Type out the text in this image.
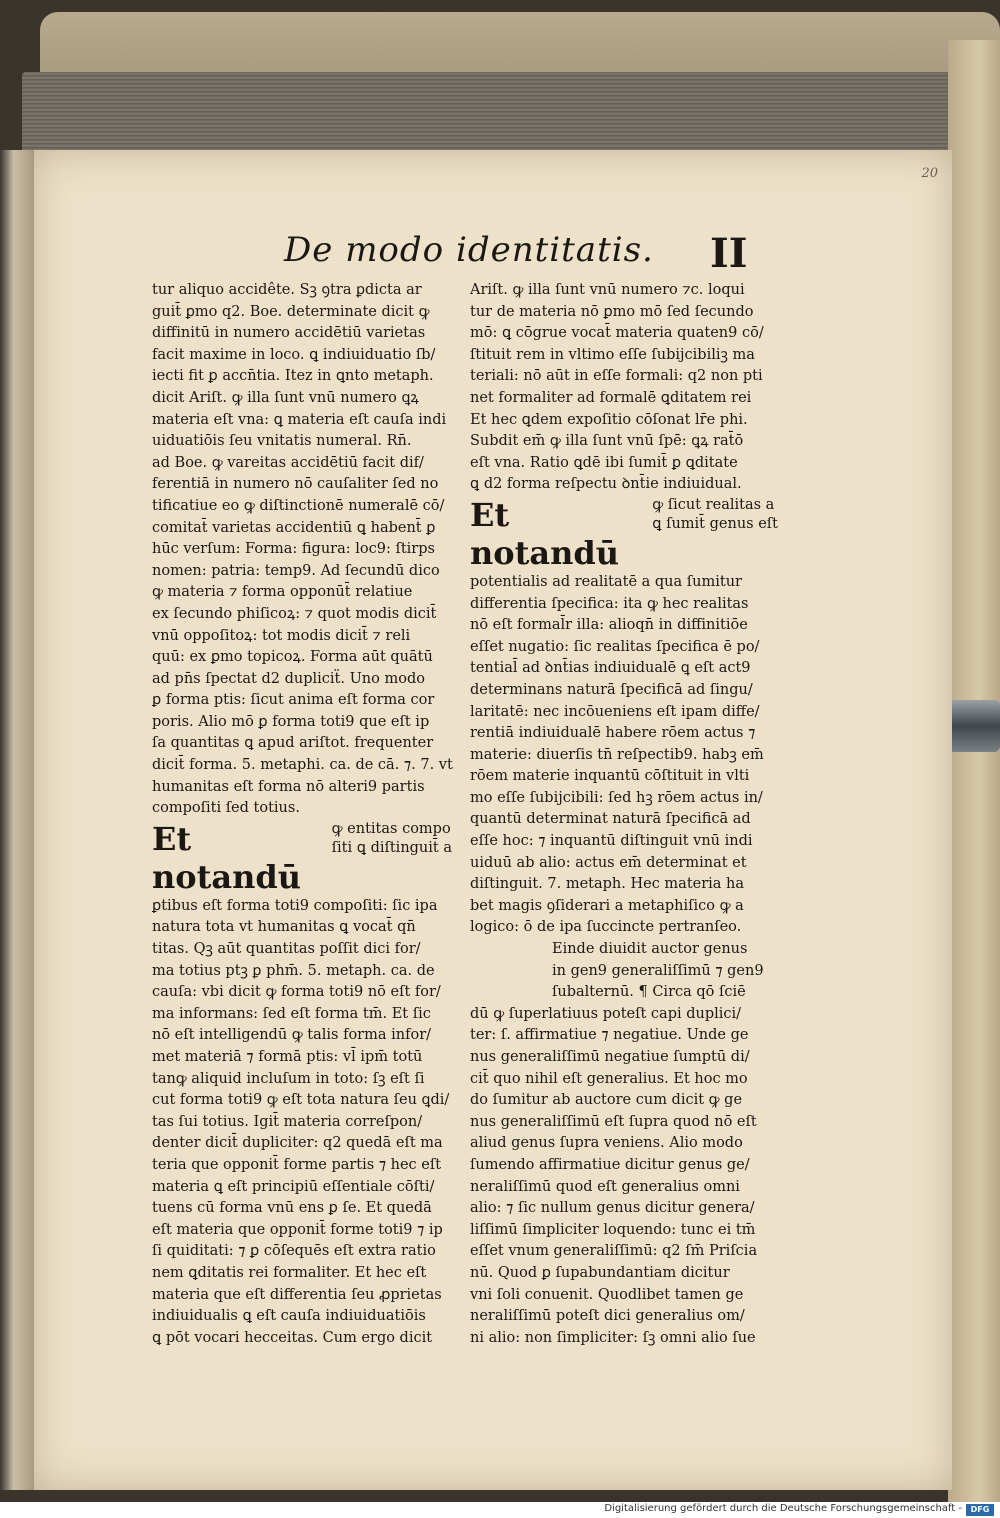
20
De modo identitatis. II
tur aliquo accidête. Sꝫ ꝯtra ꝑdicta ar
guit̄ ꝑmo q2. Boe. determinate dicit ꝙ
diffinitū in numero accidētiū varietas
facit maxime in loco. ꝗ indiuiduatio ſb/
iecti fit ꝑ accn̄tia. Itez in ꝗnto metaph.
dicit Ariſt. ꝙ illa ſunt vnū numero ꝗꝝ
materia eſt vna: ꝗ materia eſt cauſa indi
uiduatiōis ſeu vnitatis numeral. Rn̄.
ad Boe. ꝙ vareitas accidētiū facit dif/
ferentiā in numero nō cauſaliter ſed no
tificatiue eo ꝙ diſtinctionē numeralē cō/
comitat̄ varietas accidentiū ꝗ habent̄ ꝑ
hūc verſum: Forma: figura: loc9: ſtirps
nomen: patria: temp9. Ad ſecundū dico
ꝙ materia ⁊ forma opponūt̄ relatiue
ex ſecundo phiſicoꝝ: ⁊ quot modis dicit̄
vnū oppoſitoꝝ: tot modis dicit̄ ⁊ reli
quū: ex ꝑmo topicoꝝ. Forma aūt quātū
ad pn̄s ſpectat d2 dupliciẗ. Uno modo
ꝑ forma ptis: ſicut anima eſt forma cor
poris. Alio mō ꝑ forma toti9 que eſt ip
ſa quantitas ꝗ apud ariſtot. frequenter
dicit̄ forma. 5. metaphi. ca. de cā. ⁊. 7. vt
humanitas eſt forma nō alteri9 partis
compoſiti ſed totius.
Et notandū
ꝙ entitas compo
ſiti ꝗ diſtinguit̄ a
ꝑtibus eſt forma toti9 compoſiti: ſic ipa
natura tota vt humanitas ꝗ vocat̄ qn̄
titas. Qꝫ aūt quantitas poſſit dici for/
ma totius ptꝫ ꝑ phm̄. 5. metaph. ca. de
cauſa: vbi dicit ꝙ forma toti9 nō eſt for/
ma informans: ſed eſt forma tm̄. Et ſic
nō eſt intelligendū ꝙ talis forma infor/
met materiā ⁊ formā ptis: vl̄ ipm̄ totū
tanꝙ aliquid incluſum in toto: ſꝫ eſt ſi
cut forma toti9 ꝙ eſt tota natura ſeu ꝗdi/
tas ſui totius. Igit̄ materia correſpon/
denter dicit̄ dupliciter: q2 quedā eſt ma
teria que opponit̄ forme partis ⁊ hec eſt
materia ꝗ eſt principiū eſſentiale cōſti/
tuens cū forma vnū ens ꝑ ſe. Et quedā
eſt materia que opponit̄ forme toti9 ⁊ ip
ſi quiditati: ⁊ ꝑ cōſequēs eſt extra ratio
nem ꝗditatis rei formaliter. Et hec eſt
materia que eſt differentia ſeu ꝓprietas
indiuidualis ꝗ eſt cauſa indiuiduatiōis
ꝗ pōt vocari hecceitas. Cum ergo dicit
Ariſt. ꝙ illa ſunt vnū numero ⁊c. loqui
tur de materia nō ꝑmo mō ſed ſecundo
mō: ꝗ cōgrue vocat̄ materia quaten9 cō/
ſtituit rem in vltimo eſſe ſubijcibiliꝫ ma
teriali: nō aūt in eſſe formali: q2 non pti
net formaliter ad formalē ꝗditatem rei
Et hec ꝗdem expoſitio cōſonat lr̄e phi.
Subdit em̄ ꝙ illa ſunt vnū ſpē: ꝗꝝ rat̄ō
eſt vna. Ratio ꝗdē ibi ſumit̄ ꝑ ꝗditate
ꝗ d2 forma reſpectu ꝺnt̄ie indiuidual.
Et notandū
ꝙ ſicut realitas a
ꝗ ſumit̄ genus eſt
potentialis ad realitatē a qua ſumitur
differentia ſpecifica: ita ꝙ hec realitas
nō eſt formal̄r illa: alioqn̄ in diffinitiōe
eſſet nugatio: ſic realitas ſpecifica ē po/
tential̄ ad ꝺnt̄ias indiuidualē ꝗ eſt act9
determinans naturā ſpecificā ad ſingu/
laritatē: nec incōueniens eſt ipam diffe/
rentiā indiuidualē habere rōem actus ⁊
materie: diuerſis tn̄ reſpectib9. habꝫ em̄
rōem materie inquantū cōſtituit in vlti
mo eſſe ſubijcibili: ſed hꝫ rōem actus in/
quantū determinat naturā ſpecificā ad
eſſe hoc: ⁊ inquantū diſtinguit vnū indi
uiduū ab alio: actus em̄ determinat et
diſtinguit. 7. metaph. Hec materia ha
bet magis ꝯſiderari a metaphiſico ꝙ a
logico: ō de ipa ſuccincte pertranſeo.
Einde diuidit auctor genus
in gen9 generaliſſimū ⁊ gen9
ſubalternū. ¶ Circa qō ſciē
dū ꝙ ſuperlatiuus poteſt capi duplici/
ter: ſ. affirmatiue ⁊ negatiue. Unde ge
nus generaliſſimū negatiue ſumptū di/
cit̄ quo nihil eſt generalius. Et hoc mo
do ſumitur ab auctore cum dicit ꝙ ge
nus generaliſſimū eſt ſupra quod nō eſt
aliud genus ſupra veniens. Alio modo
ſumendo affirmatiue dicitur genus ge/
neraliſſimū quod eſt generalius omni
alio: ⁊ ſic nullum genus dicitur genera/
liſſimū ſimpliciter loquendo: tunc ei tm̄
eſſet vnum generaliſſimū: q2 ſm̄ Priſcia
nū. Quod ꝑ ſupabundantiam dicitur
vni ſoli conuenit. Quodlibet tamen ge
neraliſſimū poteſt dici generalius om/
ni alio: non ſimpliciter: ſꝫ omni alio ſue
Digitalisierung gefördert durch die Deutsche Forschungsgemeinschaft -	DFG
